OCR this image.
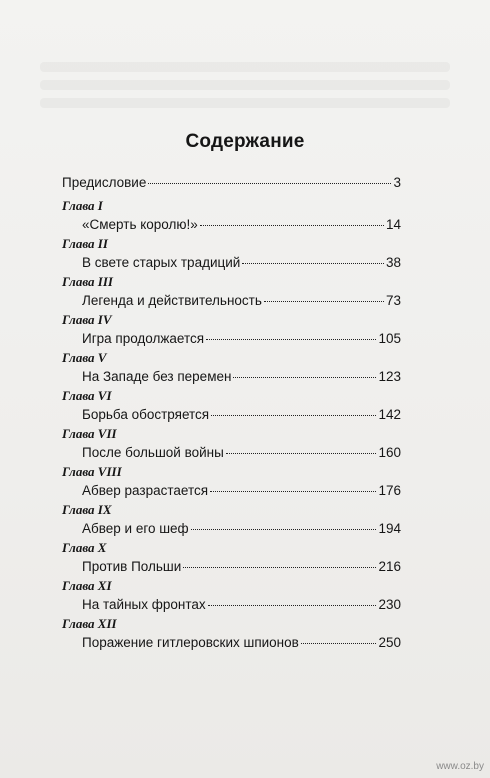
Содержание
Предисловие	3
Глава I
«Смерть королю!»	14
Глава II
В свете старых традиций	38
Глава III
Легенда и действительность	73
Глава IV
Игра продолжается	105
Глава V
На Западе без перемен	123
Глава VI
Борьба обостряется	142
Глава VII
После большой войны	160
Глава VIII
Абвер разрастается	176
Глава IX
Абвер и его шеф	194
Глава X
Против Польши	216
Глава XI
На тайных фронтах	230
Глава XII
Поражение гитлеровских шпионов	250
www.oz.by
